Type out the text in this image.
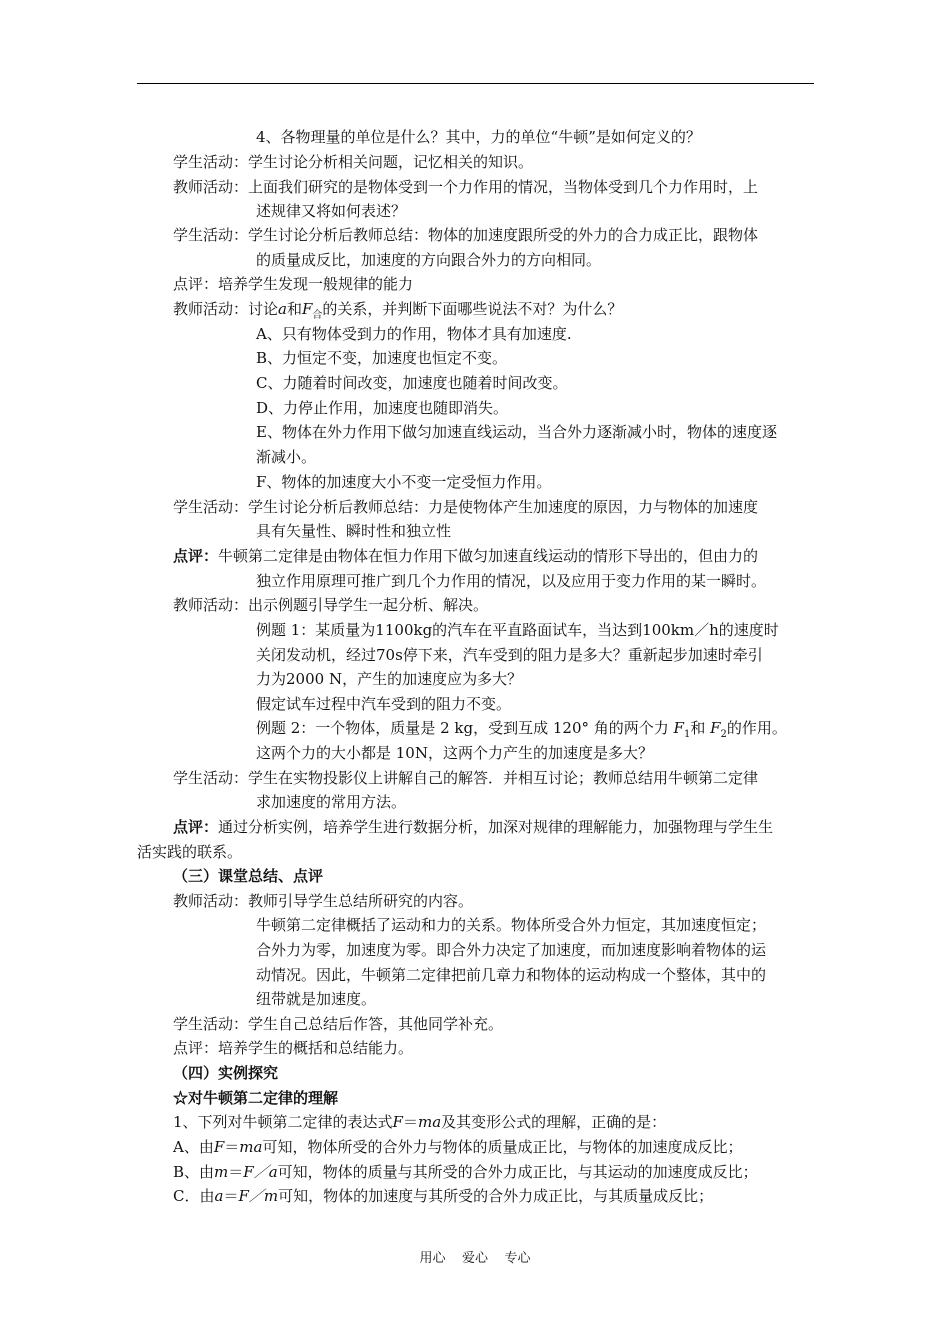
4、各物理量的单位是什么？其中，力的单位“牛顿”是如何定义的？
学生活动：学生讨论分析相关问题，记忆相关的知识。
教师活动：上面我们研究的是物体受到一个力作用的情况，当物体受到几个力作用时，上
述规律又将如何表述？
学生活动：学生讨论分析后教师总结：物体的加速度跟所受的外力的合力成正比，跟物体
的质量成反比，加速度的方向跟合外力的方向相同。
点评：培养学生发现一般规律的能力
教师活动：讨论a和$F_合$的关系，并判断下面哪些说法不对？为什么？
A、只有物体受到力的作用，物体才具有加速度.
B、力恒定不变，加速度也恒定不变。
C、力随着时间改变，加速度也随着时间改变。
D、力停止作用，加速度也随即消失。
E、物体在外力作用下做匀加速直线运动，当合外力逐渐减小时，物体的速度逐
渐减小。
F、物体的加速度大小不变一定受恒力作用。
学生活动：学生讨论分析后教师总结：力是使物体产生加速度的原因，力与物体的加速度
具有矢量性、瞬时性和独立性
点评：牛顿第二定律是由物体在恒力作用下做匀加速直线运动的情形下导出的，但由力的
独立作用原理可推广到几个力作用的情况，以及应用于变力作用的某一瞬时。
教师活动：出示例题引导学生一起分析、解决。
例题 1：某质量为1100kg的汽车在平直路面试车，当达到100km／h的速度时
关闭发动机，经过70s停下来，汽车受到的阻力是多大？重新起步加速时牵引
力为2000 N，产生的加速度应为多大？
假定试车过程中汽车受到的阻力不变。
例题 2：一个物体，质量是 2 kg，受到互成 120° 角的两个力 $F_1$和 $F_2$的作用。
这两个力的大小都是 10N，这两个力产生的加速度是多大？
学生活动：学生在实物投影仪上讲解自己的解答．并相互讨论；教师总结用牛顿第二定律
求加速度的常用方法。
点评：通过分析实例，培养学生进行数据分析，加深对规律的理解能力，加强物理与学生生
活实践的联系。
（三）课堂总结、点评
教师活动：教师引导学生总结所研究的内容。
牛顿第二定律概括了运动和力的关系。物体所受合外力恒定，其加速度恒定；
合外力为零，加速度为零。即合外力决定了加速度，而加速度影响着物体的运
动情况。因此，牛顿第二定律把前几章力和物体的运动构成一个整体，其中的
纽带就是加速度。
学生活动：学生自己总结后作答，其他同学补充。
点评：培养学生的概括和总结能力。
（四）实例探究
☆对牛顿第二定律的理解
1、下列对牛顿第二定律的表达式F＝ma及其变形公式的理解，正确的是：
A、由F＝ma可知，物体所受的合外力与物体的质量成正比，与物体的加速度成反比；
B、由m＝F／a可知，物体的质量与其所受的合外力成正比，与其运动的加速度成反比；
C．由a＝F／m可知，物体的加速度与其所受的合外力成正比，与其质量成反比；
用心    爱心    专心
